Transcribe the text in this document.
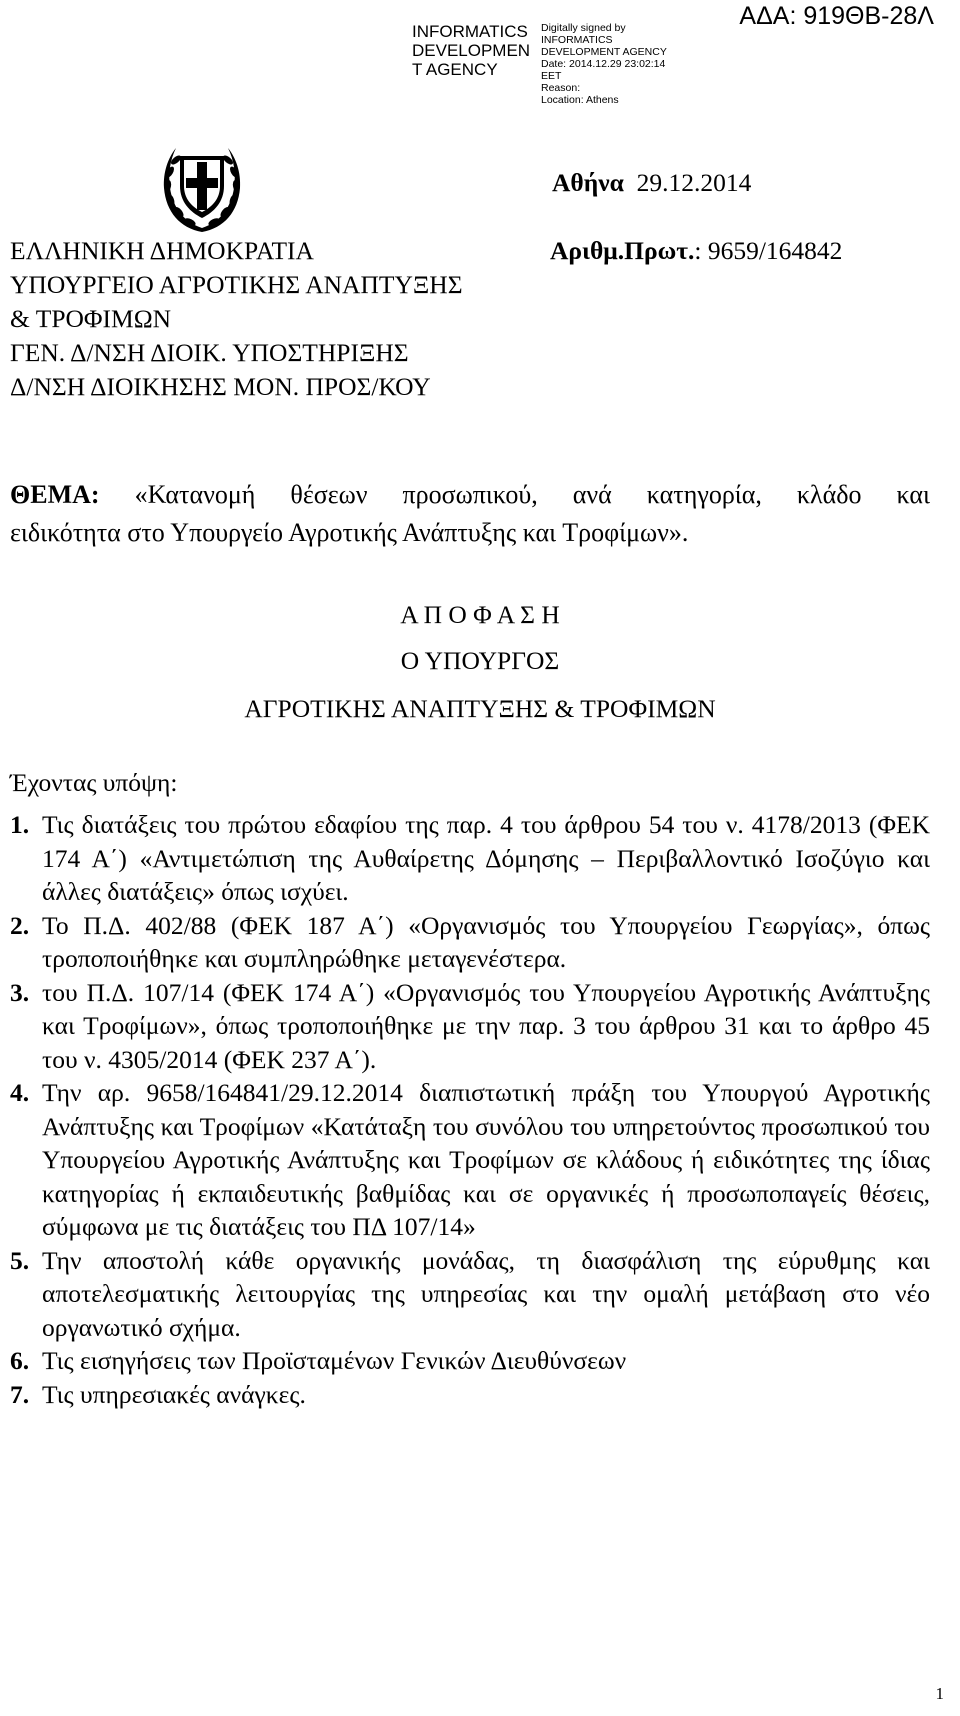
INFORMATICS DEVELOPMEN T AGENCY
Digitally signed by
INFORMATICS
DEVELOPMENT AGENCY
Date: 2014.12.29 23:02:14
EET
Reason:
Location: Athens
ΑΔΑ: 919ΘΒ-28Λ
Αθήνα 29.12.2014
ΕΛΛΗΝΙΚΗ ΔΗΜΟΚΡΑΤΙΑ	Αριθμ.Πρωτ.: 9659/164842
ΥΠΟΥΡΓΕΙΟ ΑΓΡΟΤΙΚΗΣ ΑΝΑΠΤΥΞΗΣ
& ΤΡΟΦΙΜΩΝ
ΓΕΝ. Δ/ΝΣΗ ΔΙΟΙΚ. ΥΠΟΣΤΗΡΙΞΗΣ
Δ/ΝΣΗ ΔΙΟΙΚΗΣΗΣ ΜΟΝ. ΠΡΟΣ/ΚΟΥ
ΘΕΜΑ: «Κατανομή θέσεων προσωπικού, ανά κατηγορία, κλάδο και
ειδικότητα στο Υπουργείο Αγροτικής Ανάπτυξης και Τροφίμων».
Α Π Ο Φ Α Σ Η
Ο ΥΠΟΥΡΓΟΣ
ΑΓΡΟΤΙΚΗΣ ΑΝΑΠΤΥΞΗΣ & ΤΡΟΦΙΜΩΝ
Έχοντας υπόψη:
1. Τις διατάξεις του πρώτου εδαφίου της παρ. 4 του άρθρου 54 του ν. 4178/2013 (ΦΕΚ 174 Α΄) «Αντιμετώπιση της Αυθαίρετης Δόμησης – Περιβαλλοντικό Ισοζύγιο και άλλες διατάξεις» όπως ισχύει.
2. Το Π.Δ. 402/88 (ΦΕΚ 187 Α΄) «Οργανισμός του Υπουργείου Γεωργίας», όπως τροποποιήθηκε και συμπληρώθηκε μεταγενέστερα.
3. του Π.Δ. 107/14 (ΦΕΚ 174 Α΄) «Οργανισμός του Υπουργείου Αγροτικής Ανάπτυξης και Τροφίμων», όπως τροποποιήθηκε με την παρ. 3 του άρθρου 31 και το άρθρο 45 του ν. 4305/2014 (ΦΕΚ 237 Α΄).
4. Την αρ. 9658/164841/29.12.2014 διαπιστωτική πράξη του Υπουργού Αγροτικής Ανάπτυξης και Τροφίμων «Κατάταξη του συνόλου του υπηρετούντος προσωπικού του Υπουργείου Αγροτικής Ανάπτυξης και Τροφίμων σε κλάδους ή ειδικότητες της ίδιας κατηγορίας ή εκπαιδευτικής βαθμίδας και σε οργανικές ή προσωποπαγείς θέσεις, σύμφωνα με τις διατάξεις του ΠΔ 107/14»
5. Την αποστολή κάθε οργανικής μονάδας, τη διασφάλιση της εύρυθμης και αποτελεσματικής λειτουργίας της υπηρεσίας και την ομαλή μετάβαση στο νέο οργανωτικό σχήμα.
6. Τις εισηγήσεις των Προϊσταμένων Γενικών Διευθύνσεων
7. Τις υπηρεσιακές ανάγκες.
1
